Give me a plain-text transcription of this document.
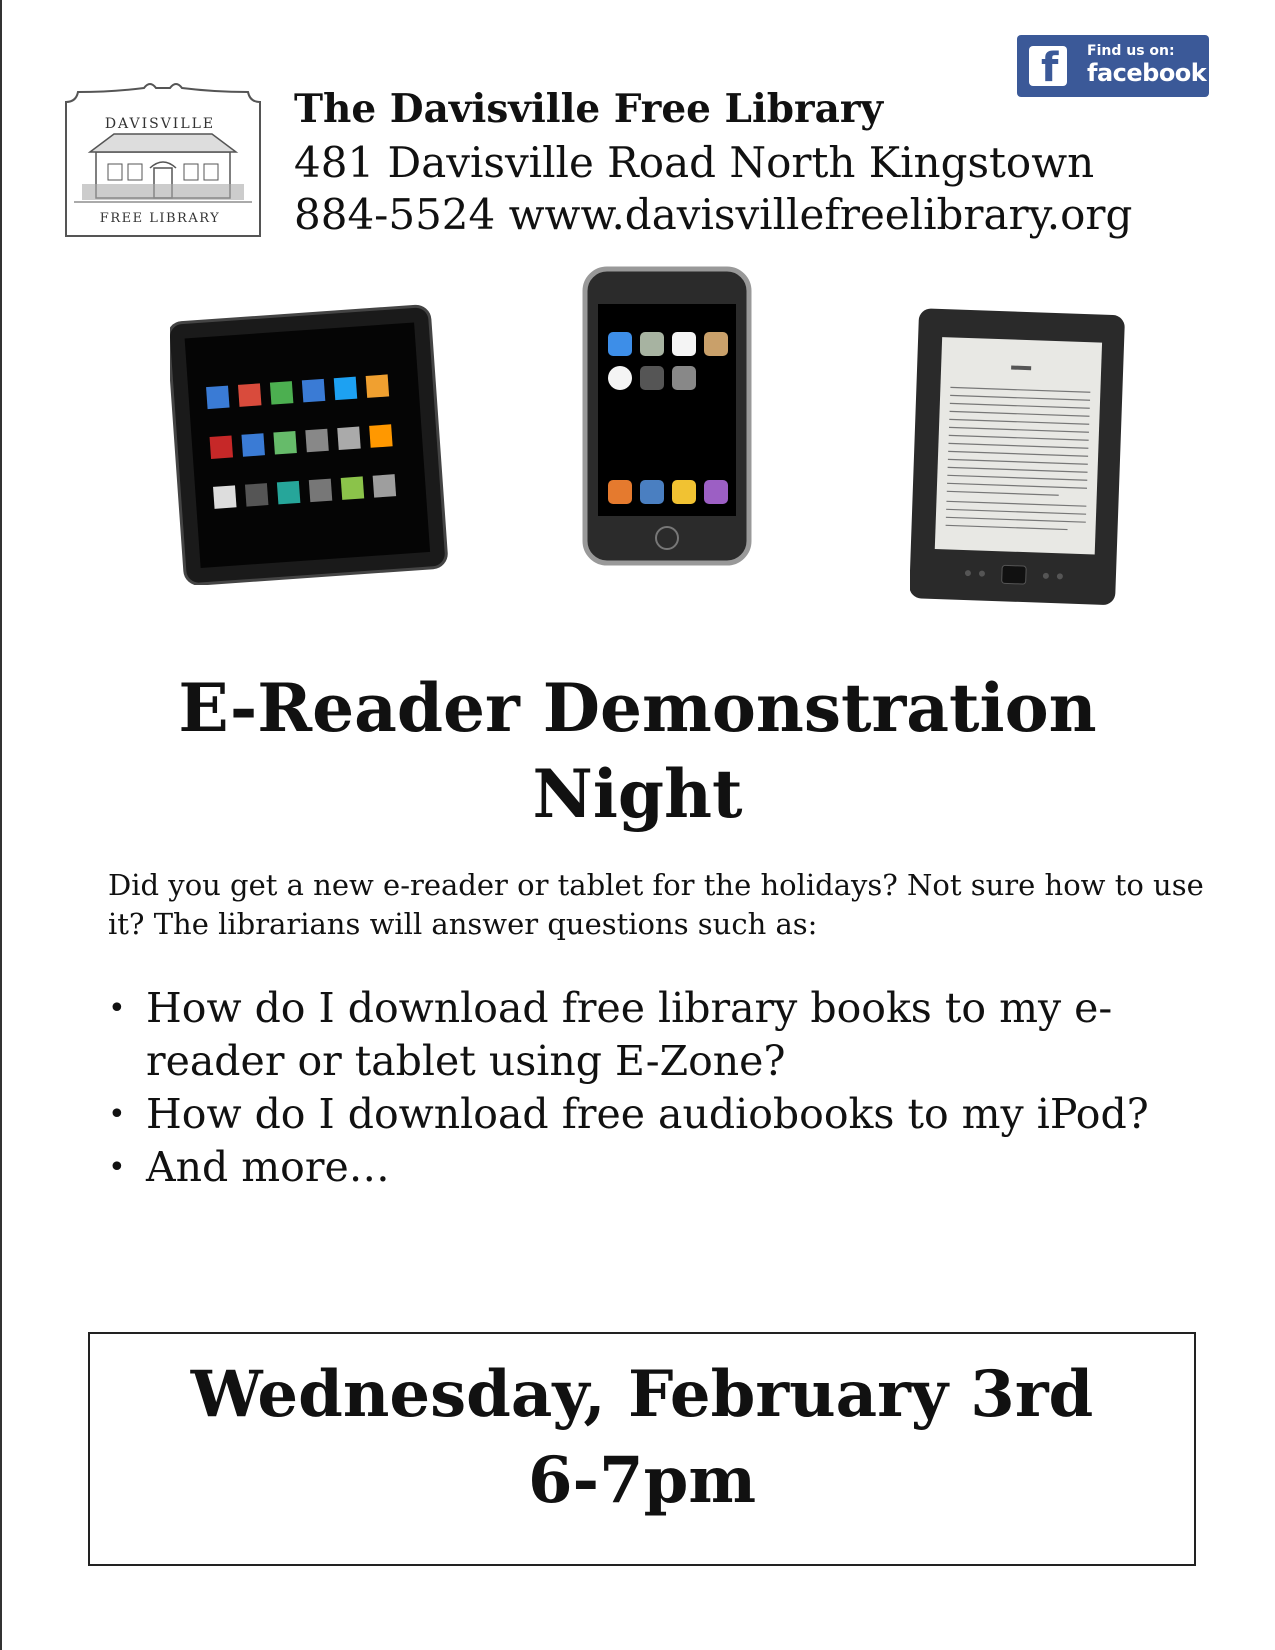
f Find us on:
facebook
DAVISVILLE
FREE LIBRARY
The Davisville Free Library
481 Davisville Road North Kingstown
884-5524 www.davisvillefreelibrary.org
E-Reader Demonstration
Night
Did you get a new e-reader or tablet for the holidays? Not sure how to use it? The librarians will answer questions such as:
• How do I download free library books to my e-reader or tablet using E-Zone?
• How do I download free audiobooks to my iPod?
• And more…
Wednesday, February 3rd
6-7pm
